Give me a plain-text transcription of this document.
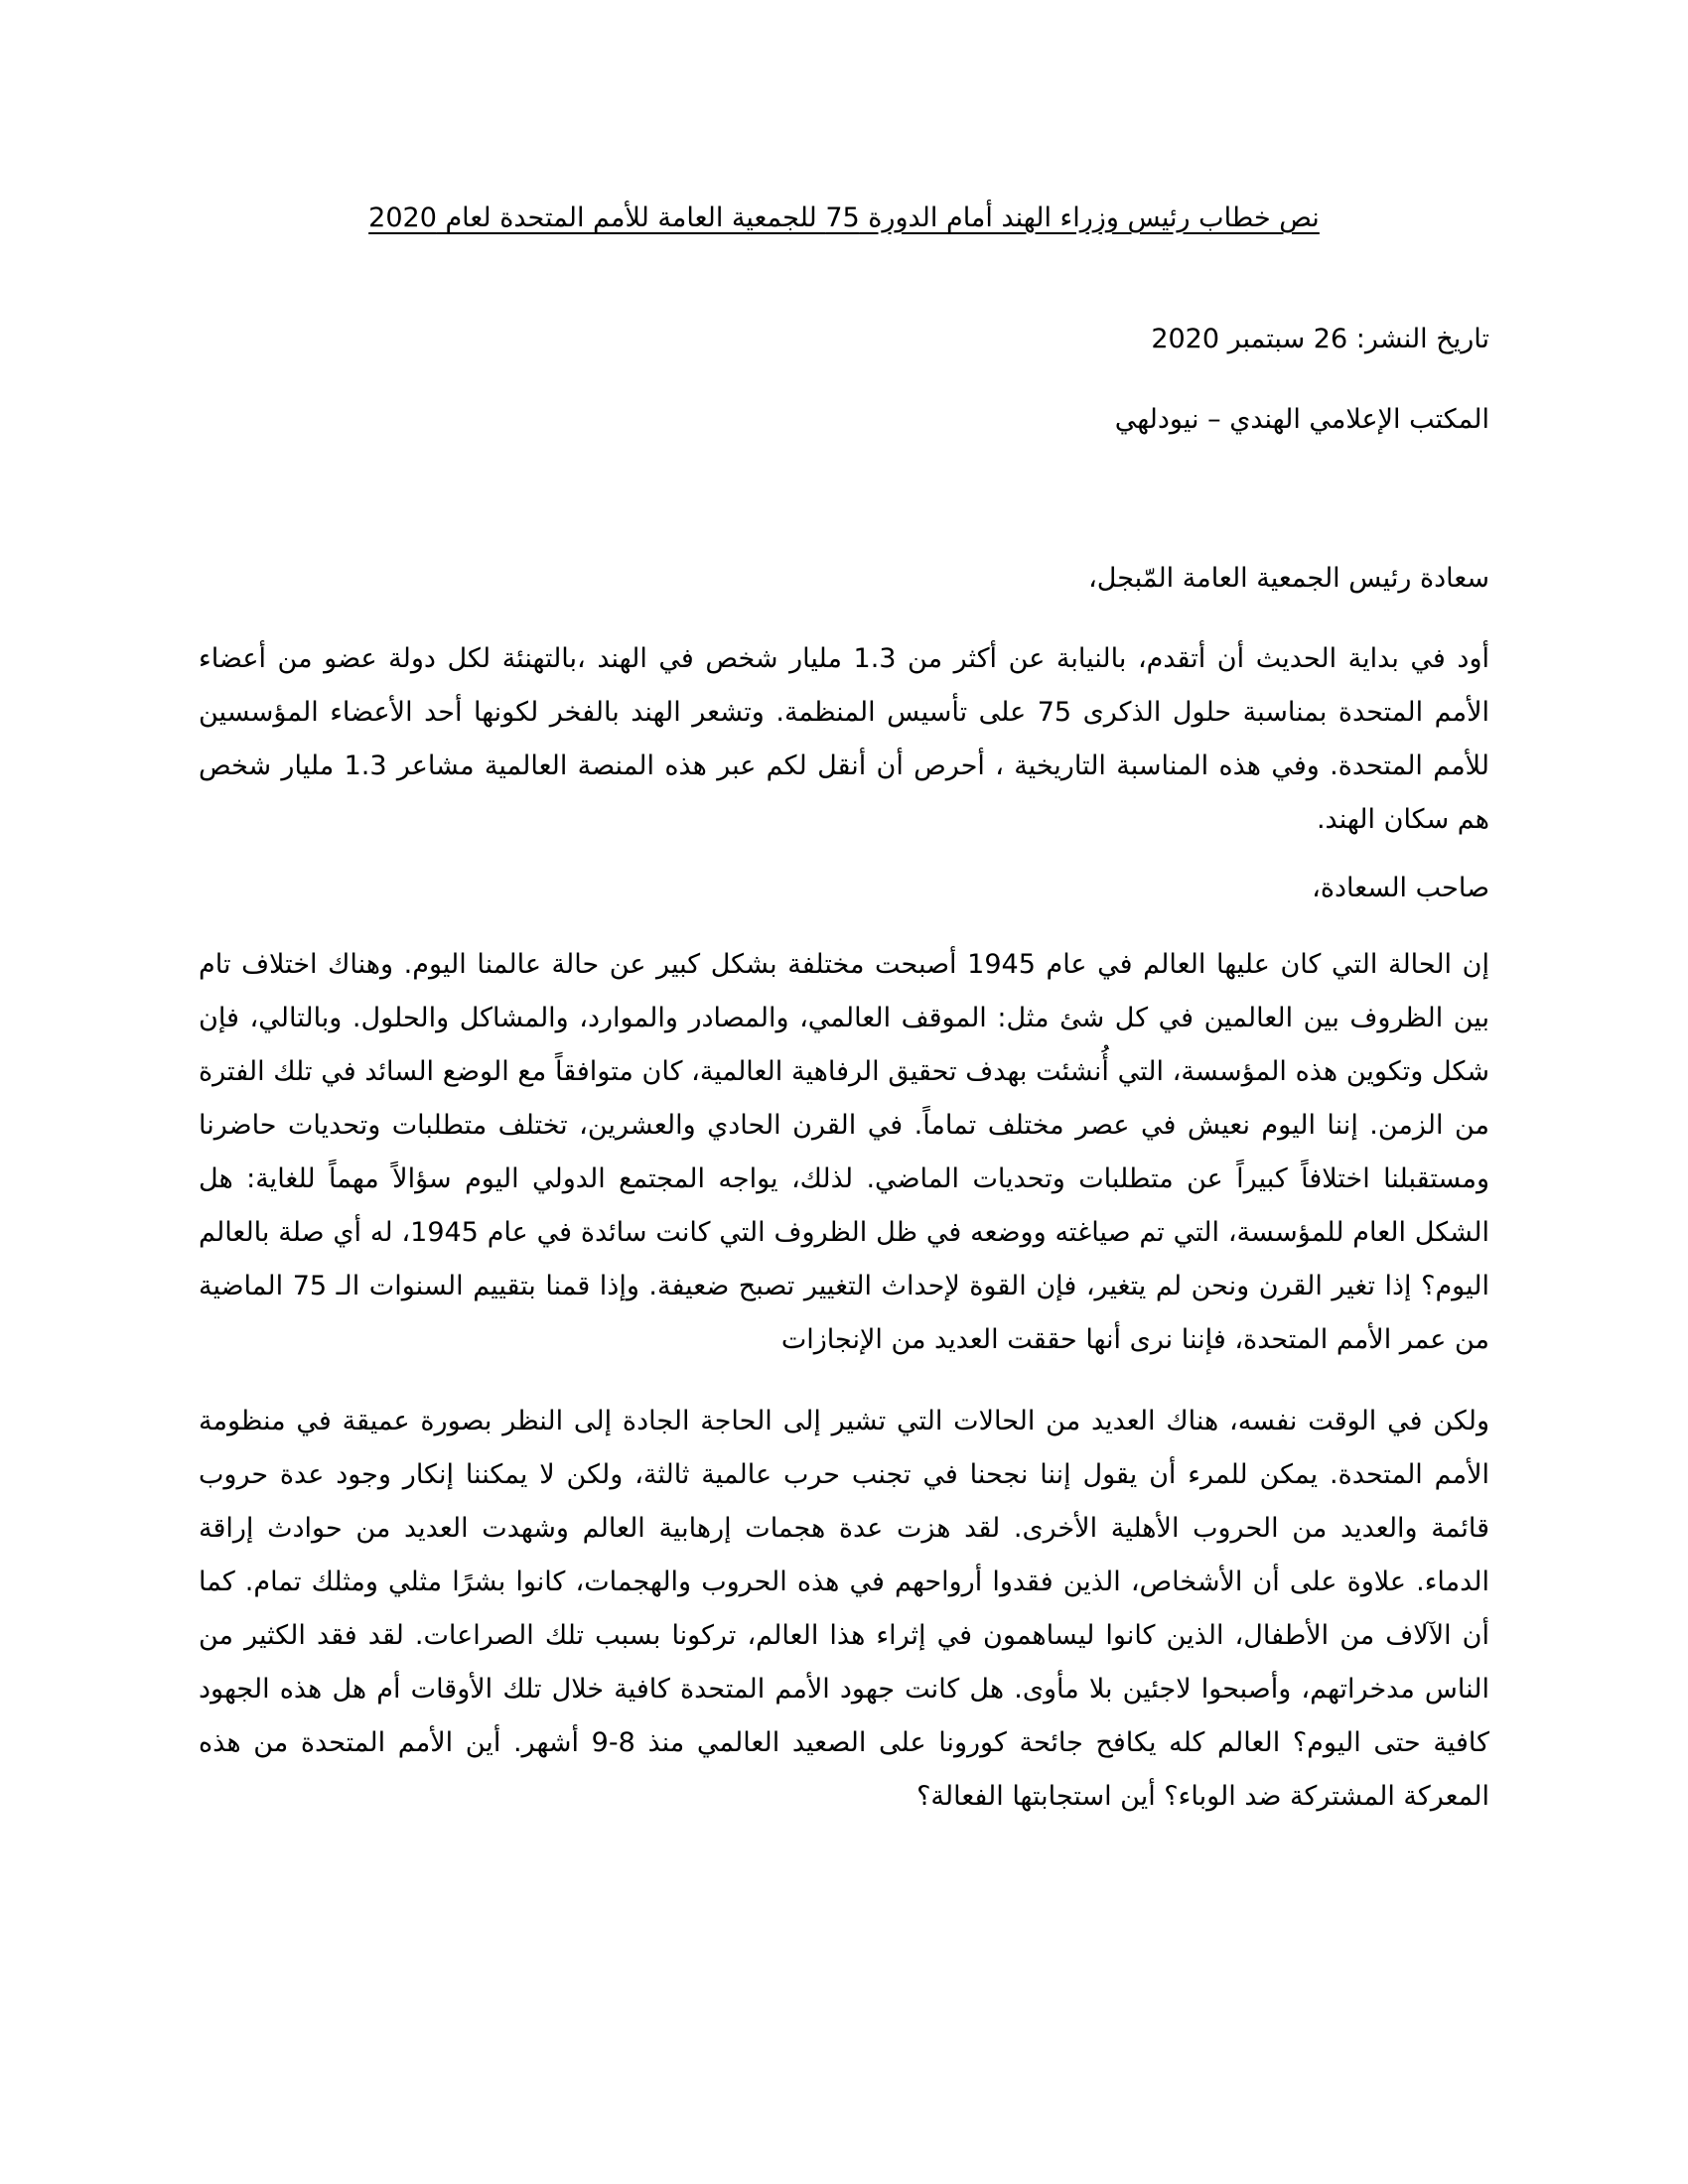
نص خطاب رئيس وزراء الهند أمام الدورة 75 للجمعية العامة للأمم المتحدة لعام 2020

تاريخ النشر: 26 سبتمبر 2020

المكتب الإعلامي الهندي – نيودلهي

سعادة رئيس الجمعية العامة المّبجل،

أود في بداية الحديث أن أتقدم، بالنيابة عن أكثر من 1.3 مليار شخص في الهند ،بالتهنئة لكل دولة عضو من أعضاء الأمم المتحدة بمناسبة حلول الذكرى 75 على تأسيس المنظمة. وتشعر الهند بالفخر لكونها أحد الأعضاء المؤسسين للأمم المتحدة. وفي هذه المناسبة التاريخية ، أحرص أن أنقل لكم عبر هذه المنصة العالمية مشاعر 1.3 مليار شخص هم سكان الهند.

صاحب السعادة،

إن الحالة التي كان عليها العالم في عام 1945 أصبحت مختلفة بشكل كبير عن حالة عالمنا اليوم. وهناك اختلاف تام بين الظروف بين العالمين في كل شئ مثل: الموقف العالمي، والمصادر والموارد، والمشاكل والحلول. وبالتالي، فإن شكل وتكوين هذه المؤسسة، التي أُنشئت بهدف تحقيق الرفاهية العالمية، كان متوافقاً مع الوضع السائد في تلك الفترة من الزمن. إننا اليوم نعيش في عصر مختلف تماماً. في القرن الحادي والعشرين، تختلف متطلبات وتحديات حاضرنا ومستقبلنا اختلافاً كبيراً عن متطلبات وتحديات الماضي. لذلك، يواجه المجتمع الدولي اليوم سؤالاً مهماً للغاية: هل الشكل العام للمؤسسة، التي تم صياغته ووضعه في ظل الظروف التي كانت سائدة في عام 1945، له أي صلة بالعالم اليوم؟ إذا تغير القرن ونحن لم يتغير، فإن القوة لإحداث التغيير تصبح ضعيفة. وإذا قمنا بتقييم السنوات الـ 75 الماضية من عمر الأمم المتحدة، فإننا نرى أنها حققت العديد من الإنجازات

ولكن في الوقت نفسه، هناك العديد من الحالات التي تشير إلى الحاجة الجادة إلى النظر بصورة عميقة في منظومة الأمم المتحدة. يمكن للمرء أن يقول إننا نجحنا في تجنب حرب عالمية ثالثة، ولكن لا يمكننا إنكار وجود عدة حروب قائمة والعديد من الحروب الأهلية الأخرى. لقد هزت عدة هجمات إرهابية العالم وشهدت العديد من حوادث إراقة الدماء. علاوة على أن الأشخاص، الذين فقدوا أرواحهم في هذه الحروب والهجمات، كانوا بشرًا مثلي ومثلك تمام. كما أن الآلاف من الأطفال، الذين كانوا ليساهمون في إثراء هذا العالم، تركونا بسبب تلك الصراعات. لقد فقد الكثير من الناس مدخراتهم، وأصبحوا لاجئين بلا مأوى. هل كانت جهود الأمم المتحدة كافية خلال تلك الأوقات أم هل هذه الجهود كافية حتى اليوم؟ العالم كله يكافح جائحة كورونا على الصعيد العالمي منذ 8-9 أشهر. أين الأمم المتحدة من هذه المعركة المشتركة ضد الوباء؟ أين استجابتها الفعالة؟
